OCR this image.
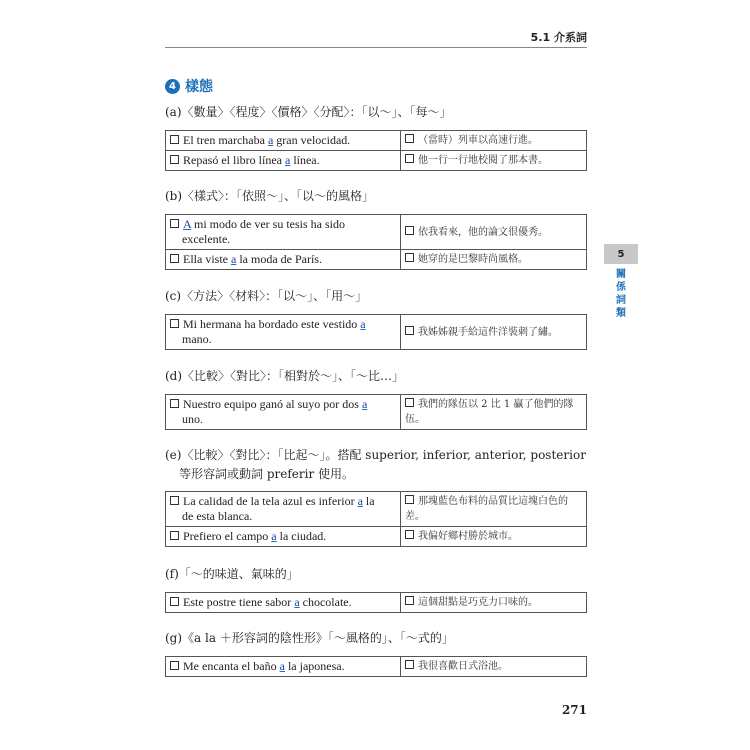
5.1 介系詞
4 樣態
(a)〈數量〉〈程度〉〈價格〉〈分配〉：「以～」、「每～」
El tren marchaba a gran velocidad.	（當時）列車以高速行進。
Repasó el libro línea a línea.	他一行一行地校閱了那本書。
(b)〈樣式〉：「依照～」、「以～的風格」
A mi modo de ver su tesis ha sido
excelente.	依我看來，他的論文很優秀。
Ella viste a la moda de París.	她穿的是巴黎時尚風格。
(c)〈方法〉〈材料〉：「以～」、「用～」
Mi hermana ha bordado este vestido a
mano.	我姊姊親手給這件洋裝刺了繡。
(d)〈比較〉〈對比〉：「相對於～」、「～比…」
Nuestro equipo ganó al suyo por dos a
uno.
	我們的隊伍以 2 比 1 贏了他們的隊伍。
(e)〈比較〉〈對比〉：「比起～」。搭配 superior, inferior, anterior, posterior
等形容詞或動詞 preferir 使用。
La calidad de la tela azul es inferior a la
de esta blanca.	那塊藍色布料的品質比這塊白色的差。
Prefiero el campo a la ciudad.	我偏好鄉村勝於城市。
(f)「～的味道、氣味的」
Este postre tiene sabor a chocolate.	這個甜點是巧克力口味的。
(g)《a la ＋形容詞的陰性形》「～風格的」、「～式的」
Me encanta el baño a la japonesa.	我很喜歡日式浴池。
5
關係詞類
271
